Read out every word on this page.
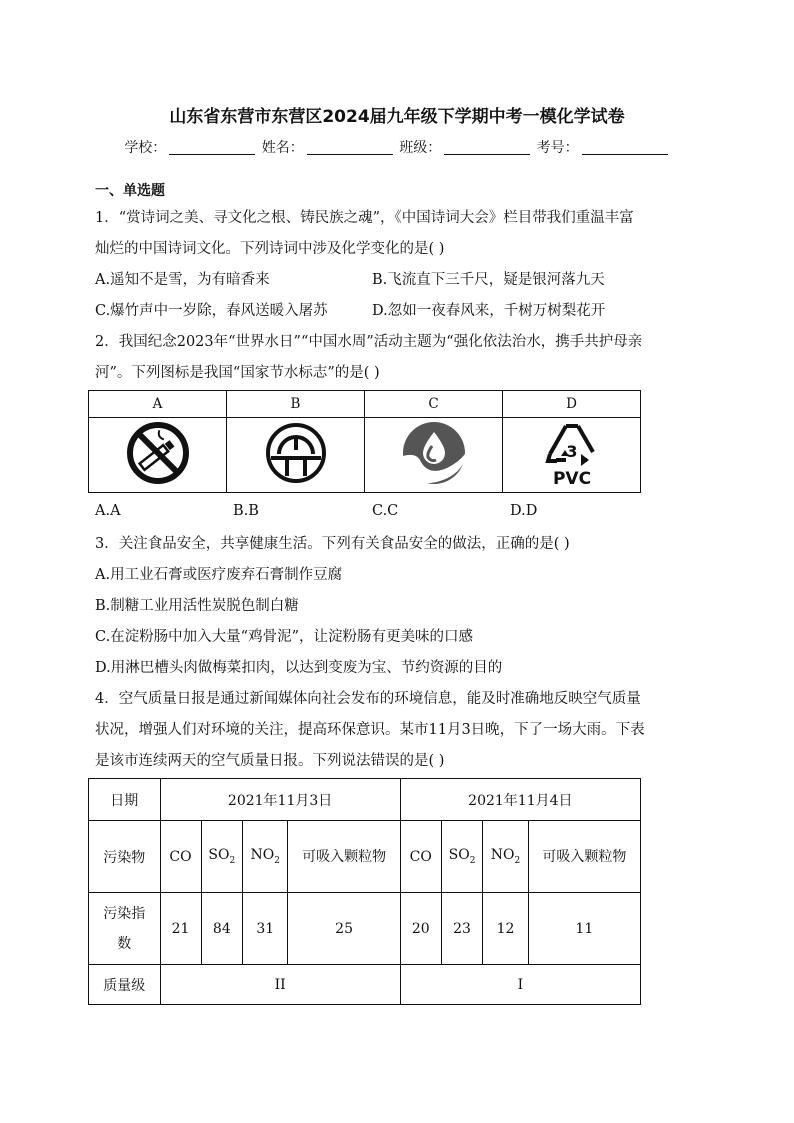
山东省东营市东营区2024届九年级下学期中考一模化学试卷
学校：	姓名：	班级：	考号：
一、单选题
1．“赏诗词之美、寻文化之根、铸民族之魂”，《中国诗词大会》栏目带我们重温丰富
灿烂的中国诗词文化。下列诗词中涉及化学变化的是( )
A.遥知不是雪，为有暗香来	B.飞流直下三千尺，疑是银河落九天
C.爆竹声中一岁除，春风送暖入屠苏	D.忽如一夜春风来，千树万树梨花开
2．我国纪念2023年“世界水日”“中国水周”活动主题为“强化依法治水，携手共护母亲
河”。下列图标是我国“国家节水标志”的是( )
A	B	C	D

3
PVC
A.A	B.B	C.C	D.D
3．关注食品安全，共享健康生活。下列有关食品安全的做法，正确的是( )
A.用工业石膏或医疗废弃石膏制作豆腐
B.制糖工业用活性炭脱色制白糖
C.在淀粉肠中加入大量“鸡骨泥”，让淀粉肠有更美味的口感
D.用淋巴槽头肉做梅菜扣肉，以达到变废为宝、节约资源的目的
4．空气质量日报是通过新闻媒体向社会发布的环境信息，能及时准确地反映空气质量
状况，增强人们对环境的关注，提高环保意识。某市11月3日晚，下了一场大雨。下表
是该市连续两天的空气质量日报。下列说法错误的是( )
日期	2021年11月3日				2021年11月4日			
污染物	CO	$SO_2$	$NO_2$	可吸入颗粒物	CO	$SO_2$	$NO_2$	可吸入颗粒物
污染指数	21	84	31	25	20	23	12	11
质量级	II				I			
